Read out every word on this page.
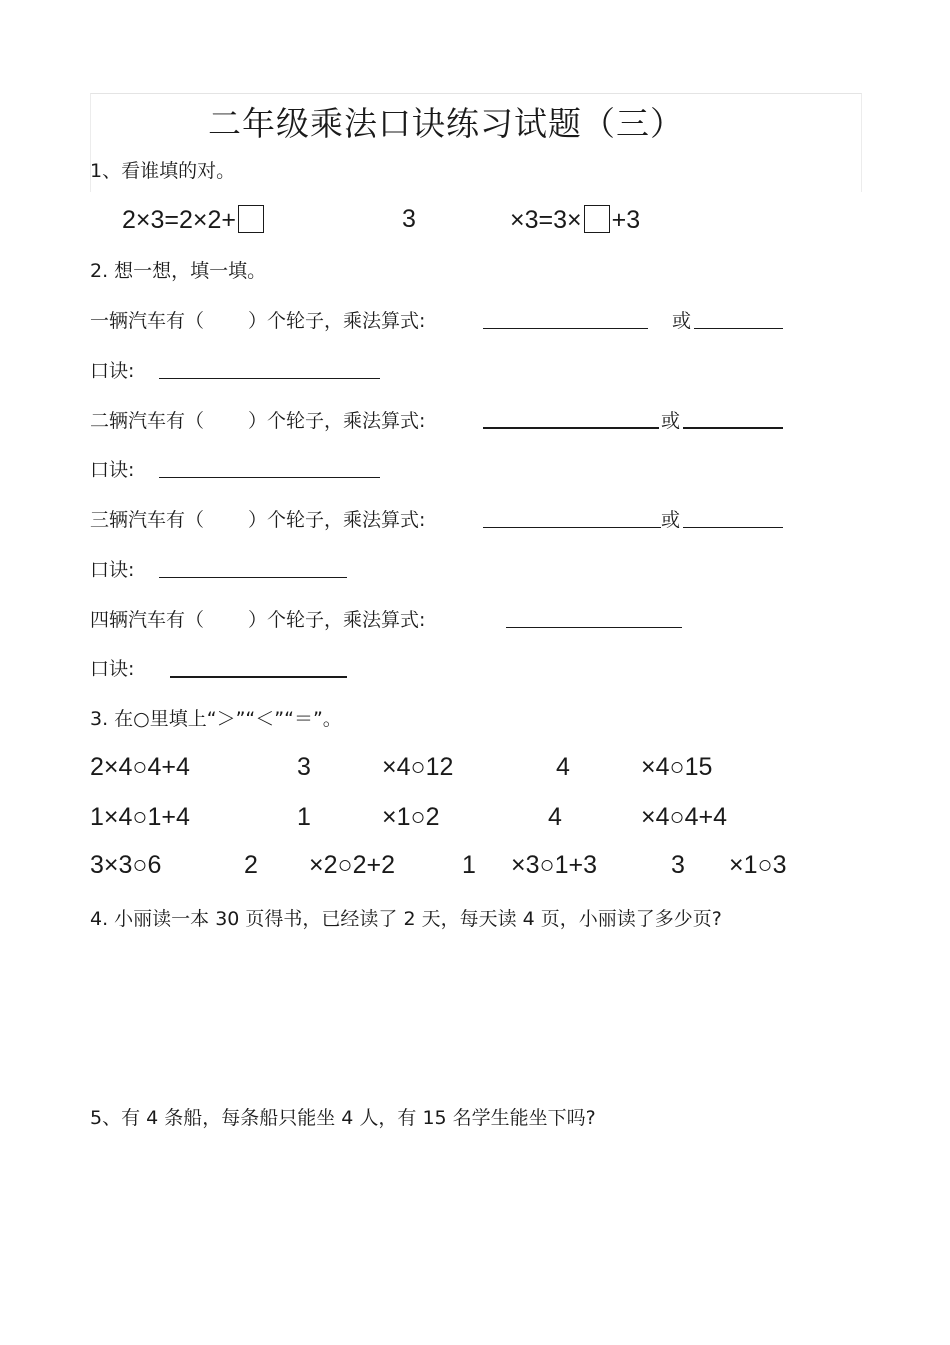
二年级乘法口诀练习试题（三）
1、看谁填的对。
2×3=2×2+	3	×3=3× +3
2. 想一想，填一填。
一辆汽车有（ ）个轮子，乘法算式:	或
口诀:
二辆汽车有（ ）个轮子，乘法算式:	或
口诀:
三辆汽车有（ ）个轮子，乘法算式:	或
口诀:
四辆汽车有（ ）个轮子，乘法算式:
口诀:
3. 在○里填上“＞”“＜”“＝”。
2×4○4+4	3	×4○12	4	×4○15
1×4○1+4	1	×1○2	4	×4○4+4
3×3○6	2 ×2○2+2	1 ×3○1+3	3 ×1○3
4. 小丽读一本 30 页得书，已经读了 2 天，每天读 4 页，小丽读了多少页?
5、有 4 条船，每条船只能坐 4 人，有 15 名学生能坐下吗?
